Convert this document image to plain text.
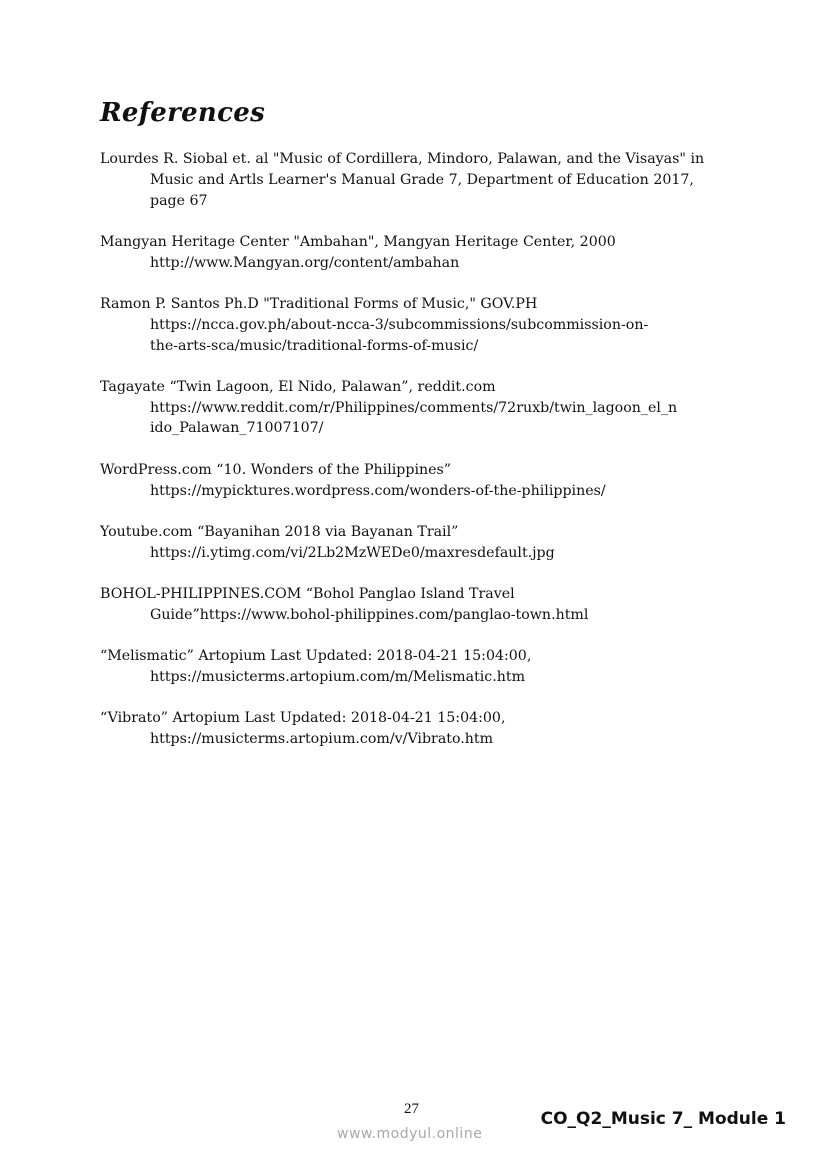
References
Lourdes R. Siobal et. al "Music of Cordillera, Mindoro, Palawan, and the Visayas" in
Music and Artls Learner's Manual Grade 7, Department of Education 2017,
page 67
Mangyan Heritage Center "Ambahan", Mangyan Heritage Center, 2000
http://www.Mangyan.org/content/ambahan
Ramon P. Santos Ph.D "Traditional Forms of Music," GOV.PH
https://ncca.gov.ph/about-ncca-3/subcommissions/subcommission-on-
the-arts-sca/music/traditional-forms-of-music/
Tagayate “Twin Lagoon, El Nido, Palawan”, reddit.com
https://www.reddit.com/r/Philippines/comments/72ruxb/twin_lagoon_el_n
ido_Palawan_71007107/
WordPress.com “10. Wonders of the Philippines”
https://mypicktures.wordpress.com/wonders-of-the-philippines/
Youtube.com “Bayanihan 2018 via Bayanan Trail”
https://i.ytimg.com/vi/2Lb2MzWEDe0/maxresdefault.jpg
BOHOL-PHILIPPINES.COM “Bohol Panglao Island Travel
Guide”https://www.bohol-philippines.com/panglao-town.html
“Melismatic” Artopium Last Updated: 2018-04-21 15:04:00,
https://musicterms.artopium.com/m/Melismatic.htm
“Vibrato” Artopium Last Updated: 2018-04-21 15:04:00,
https://musicterms.artopium.com/v/Vibrato.htm
27	CO_Q2_Music 7_ Module 1
www.modyul.online
